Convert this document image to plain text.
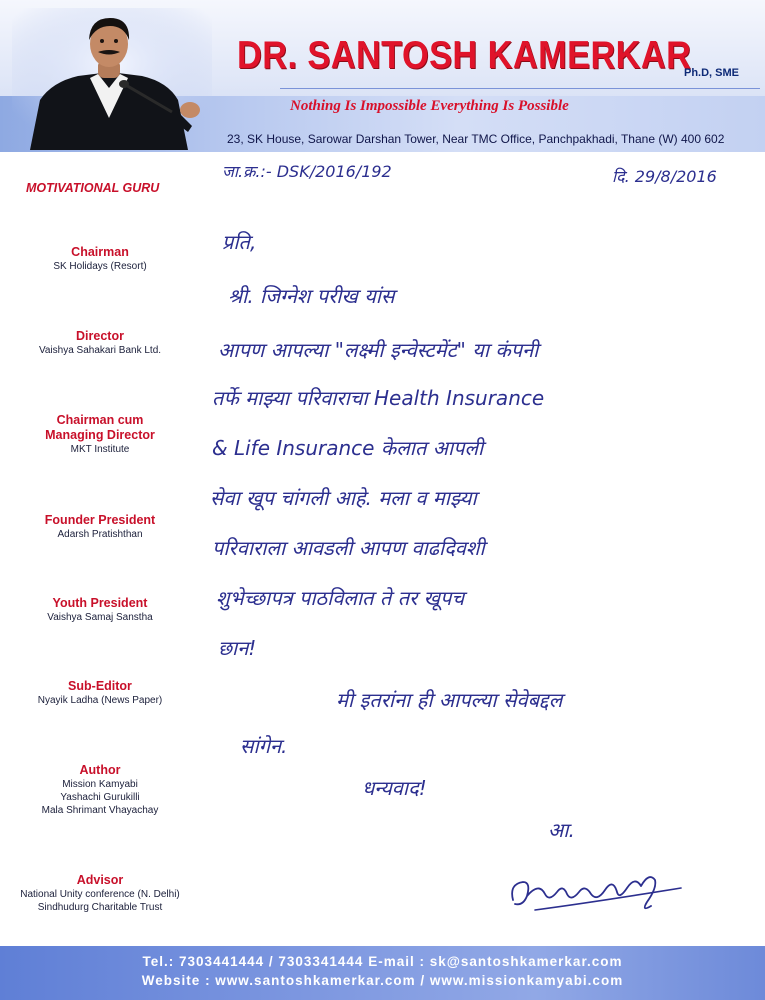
DR. SANTOSH KAMERKAR
Ph.D, SME
Nothing Is Impossible Everything Is Possible
23, SK House, Sarowar Darshan Tower, Near TMC Office, Panchpakhadi, Thane (W) 400 602
MOTIVATIONAL GURU
Chairman
SK Holidays (Resort)
Director
Vaishya Sahakari Bank Ltd.
Chairman cum
Managing Director
MKT Institute
Founder President
Adarsh Pratishthan
Youth President
Vaishya Samaj Sanstha
Sub-Editor
Nyayik Ladha (News Paper)
Author
Mission Kamyabi
Yashachi Gurukilli
Mala Shrimant Vhayachay
Advisor
National Unity conference (N. Delhi)
Sindhudurg Charitable Trust
जा.क्र.:- DSK/2016/192	दि. 29/8/2016
प्रति,
श्री. जिग्नेश परीख यांस
आपण आपल्या "लक्ष्मी इन्वेस्टमेंट" या कंपनी
तर्फे माझ्या परिवाराचा Health Insurance
& Life Insurance केलात आपली
सेवा खूप चांगली आहे. मला व माझ्या
परिवाराला आवडली आपण वाढदिवशी
शुभेच्छापत्र पाठविलात ते तर खूपच
छान!
मी इतरांना ही आपल्या सेवेबद्दल
सांगेन.
धन्यवाद!
आ.
Tel.: 7303441444 / 7303341444 E-mail : sk@santoshkamerkar.com
Website : www.santoshkamerkar.com / www.missionkamyabi.com
